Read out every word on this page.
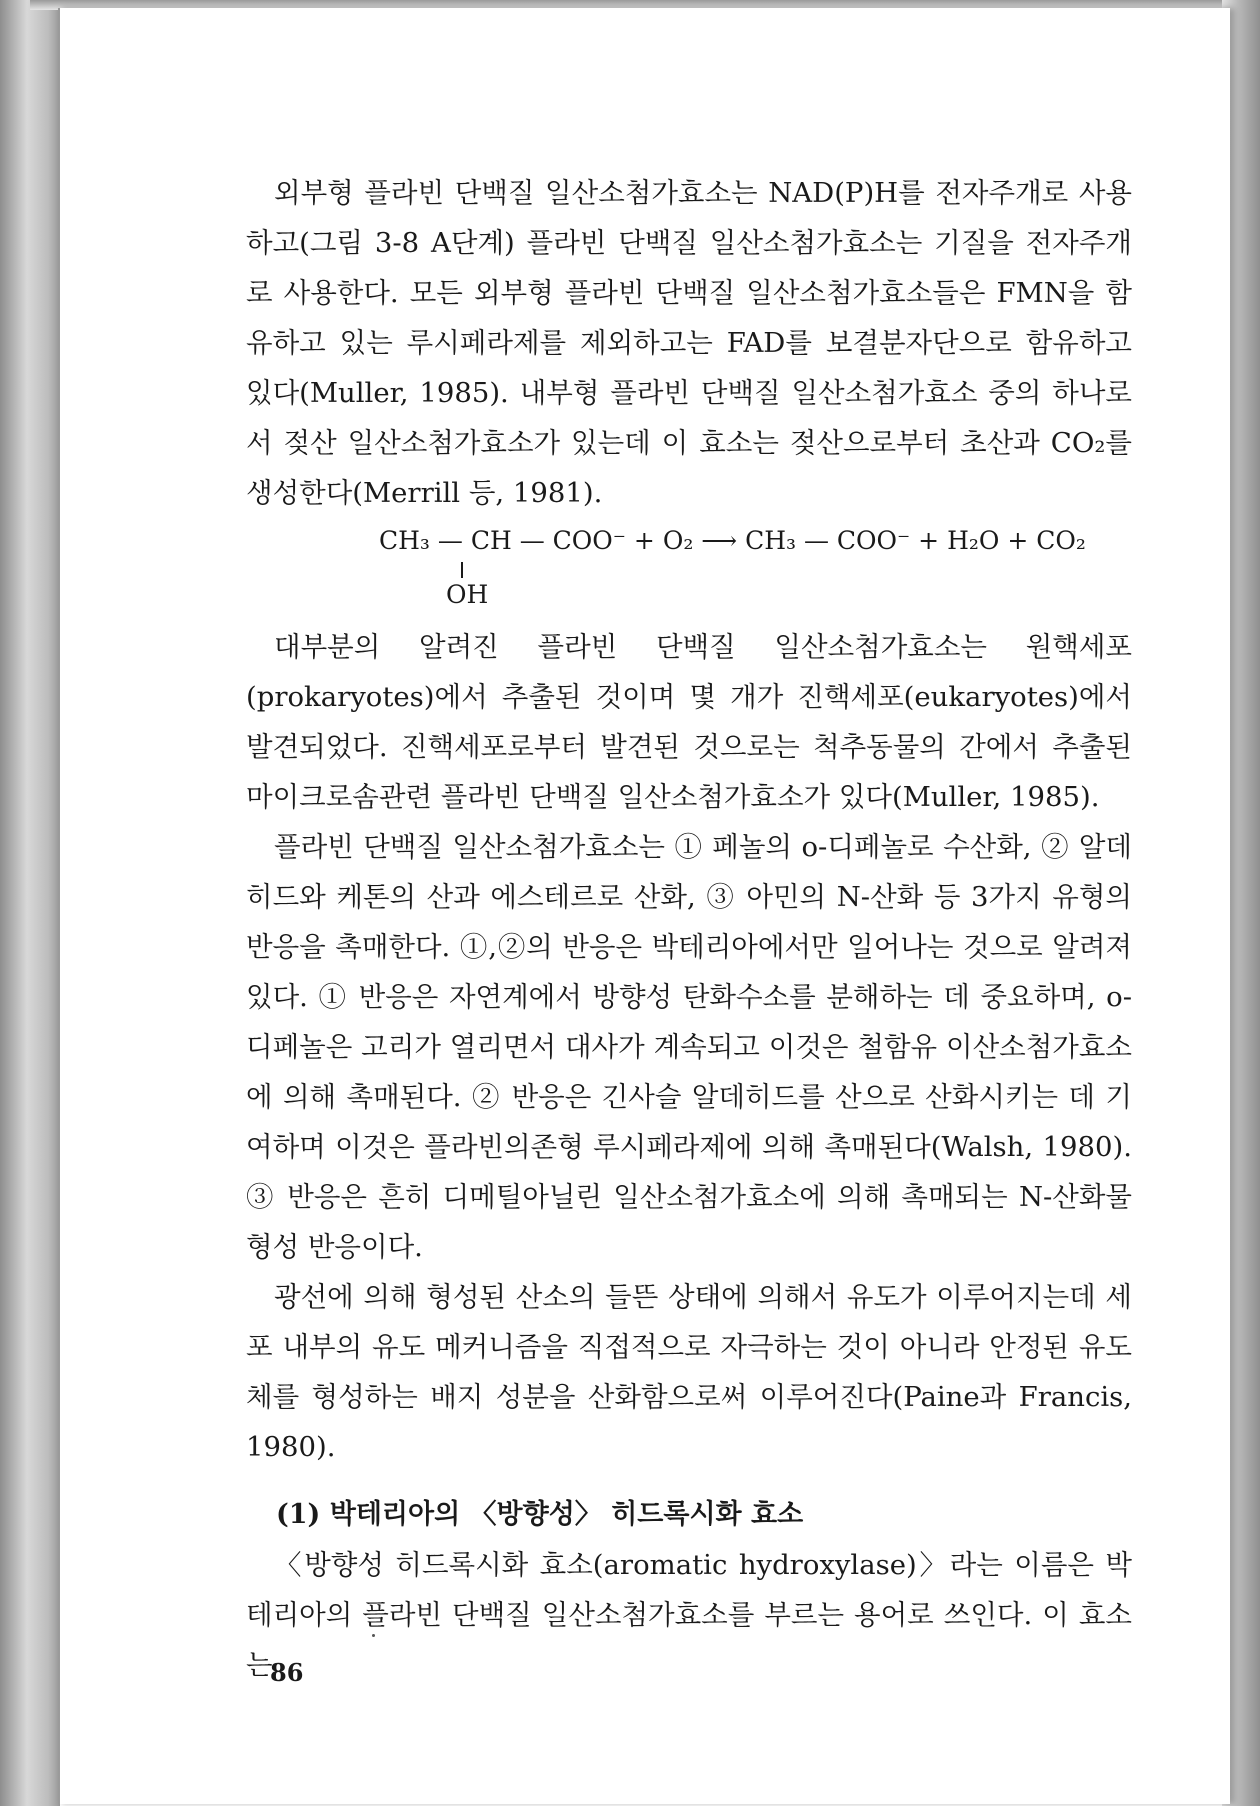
외부형 플라빈 단백질 일산소첨가효소는 NAD(P)H를 전자주개로 사용하고(그림 3-8 A단계) 플라빈 단백질 일산소첨가효소는 기질을 전자주개로 사용한다. 모든 외부형 플라빈 단백질 일산소첨가효소들은 FMN을 함유하고 있는 루시페라제를 제외하고는 FAD를 보결분자단으로 함유하고 있다(Muller, 1985). 내부형 플라빈 단백질 일산소첨가효소 중의 하나로서 젖산 일산소첨가효소가 있는데 이 효소는 젖산으로부터 초산과 CO₂를 생성한다(Merrill 등, 1981).

CH₃ — CH — COO⁻ + O₂ ⟶ CH₃ — COO⁻ + H₂O + CO₂
OH

대부분의 알려진 플라빈 단백질 일산소첨가효소는 원핵세포(prokaryotes)에서 추출된 것이며 몇 개가 진핵세포(eukaryotes)에서 발견되었다. 진핵세포로부터 발견된 것으로는 척추동물의 간에서 추출된 마이크로솜관련 플라빈 단백질 일산소첨가효소가 있다(Muller, 1985).

플라빈 단백질 일산소첨가효소는 ① 페놀의 o-디페놀로 수산화, ② 알데히드와 케톤의 산과 에스테르로 산화, ③ 아민의 N-산화 등 3가지 유형의 반응을 촉매한다. ①,②의 반응은 박테리아에서만 일어나는 것으로 알려져 있다. ① 반응은 자연계에서 방향성 탄화수소를 분해하는 데 중요하며, o-디페놀은 고리가 열리면서 대사가 계속되고 이것은 철함유 이산소첨가효소에 의해 촉매된다. ② 반응은 긴사슬 알데히드를 산으로 산화시키는 데 기여하며 이것은 플라빈의존형 루시페라제에 의해 촉매된다(Walsh, 1980). ③ 반응은 흔히 디메틸아닐린 일산소첨가효소에 의해 촉매되는 N-산화물 형성 반응이다.

광선에 의해 형성된 산소의 들뜬 상태에 의해서 유도가 이루어지는데 세포 내부의 유도 메커니즘을 직접적으로 자극하는 것이 아니라 안정된 유도체를 형성하는 배지 성분을 산화함으로써 이루어진다(Paine과 Francis, 1980).

(1) 박테리아의 〈방향성〉 히드록시화 효소

〈방향성 히드록시화 효소(aromatic hydroxylase)〉라는 이름은 박테리아의 플라빈 단백질 일산소첨가효소를 부르는 용어로 쓰인다. 이 효소는

86
